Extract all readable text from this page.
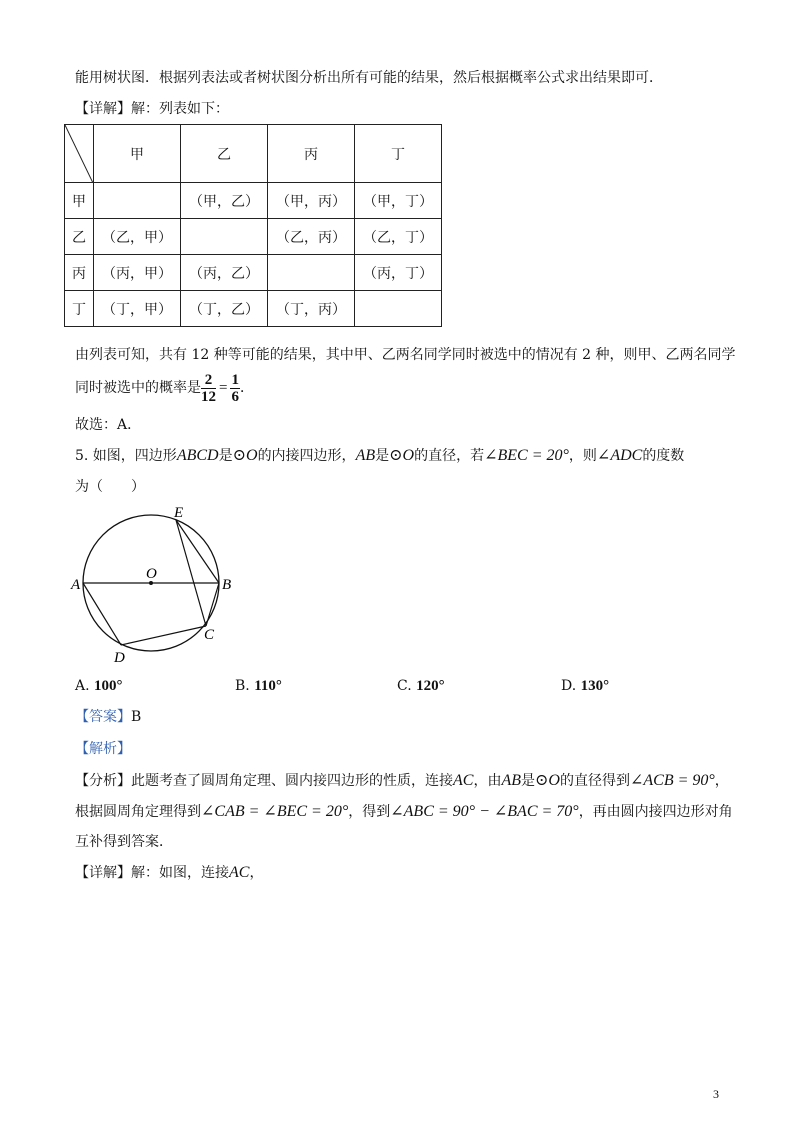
能用树状图．根据列表法或者树状图分析出所有可能的结果，然后根据概率公式求出结果即可．
【详解】解：列表如下：
	甲	乙	丙	丁
甲		（甲，乙）	（甲，丙）	（甲，丁）
乙	（乙，甲）		（乙，丙）	（乙，丁）
丙	（丙，甲）	（丙，乙）		（丙，丁）
丁	（丁，甲）	（丁，乙）	（丁，丙）	
由列表可知，共有 12 种等可能的结果，其中甲、乙两名同学同时被选中的情况有 2 种，则甲、乙两名同学
同时被选中的概率是 $\frac{2}{12} = \frac{1}{6}$ ．
故选：A．
5. 如图，四边形ABCD是⊙O的内接四边形，AB是⊙O的直径，若∠BEC = 20°，则∠ADC的度数
为（　　）
A	B
C
D
E
O
A. 100°	B. 110°	C. 120°	D. 130°
【答案】B
【解析】
【分析】此题考查了圆周角定理、圆内接四边形的性质，连接AC，由AB是⊙O的直径得到∠ACB = 90°，
根据圆周角定理得到∠CAB = ∠BEC = 20°，得到∠ABC = 90° − ∠BAC = 70°，再由圆内接四边形对角
互补得到答案．
【详解】解：如图，连接AC，
3
